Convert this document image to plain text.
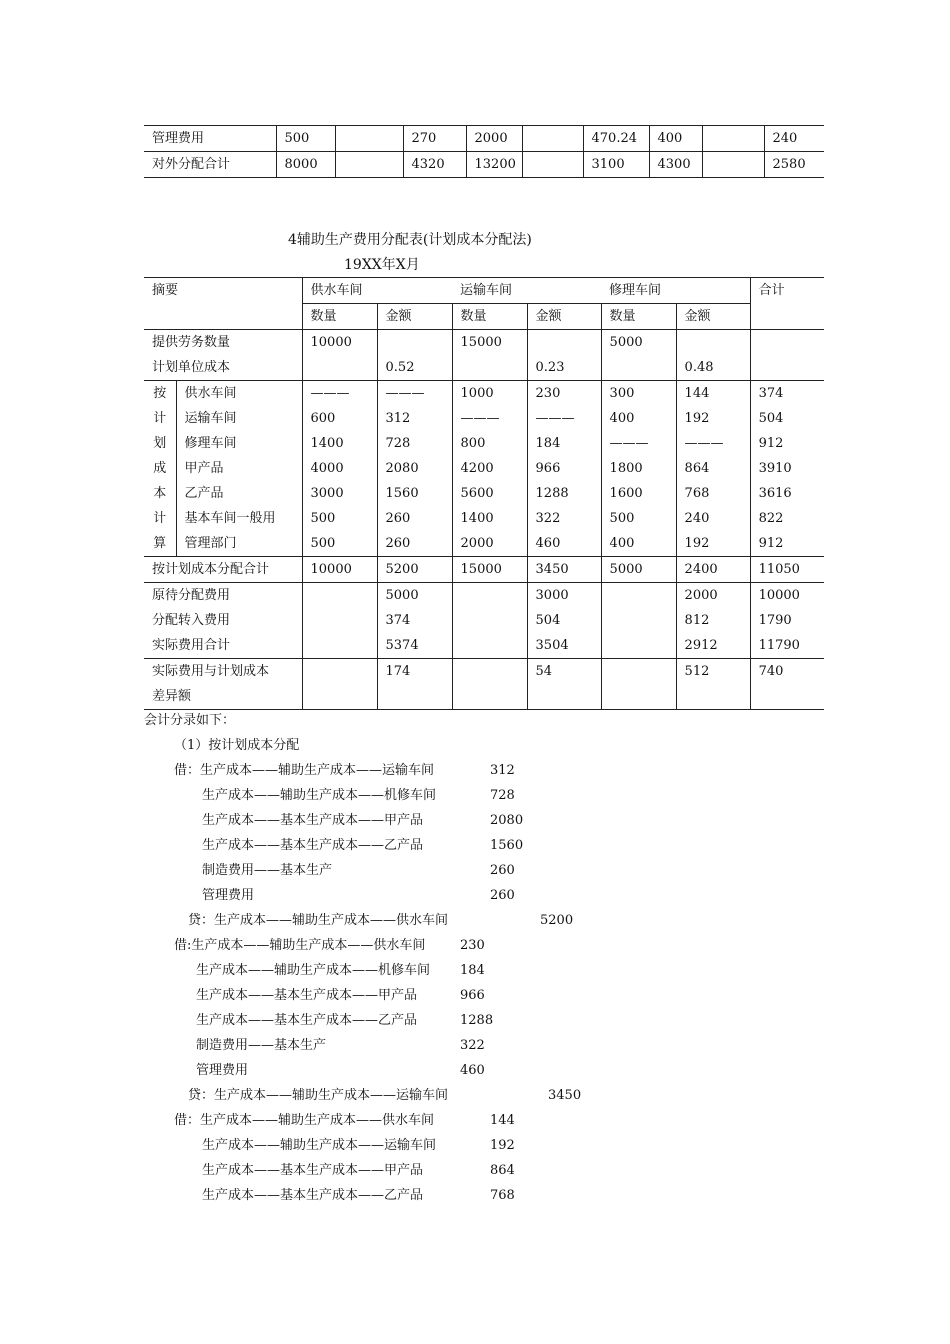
管理费用	500		270	2000		470.24	400		240
对外分配合计	8000		4320	13200		3100	4300		2580
4辅助生产费用分配表(计划成本分配法)
19XX年X月
摘要		供水车间		运输车间		修理车间		合计
		数量	金额	数量	金额	数量	金额	
提供劳务数量		10000		15000		5000		
计划单位成本			0.52		0.23		0.48	
按	供水车间	———	———	1000	230	300	144	374
计	运输车间	600	312	———	———	400	192	504
划	修理车间	1400	728	800	184	———	———	912
成	甲产品	4000	2080	4200	966	1800	864	3910
本	乙产品	3000	1560	5600	1288	1600	768	3616
计	基本车间一般用	500	260	1400	322	500	240	822
算	管理部门	500	260	2000	460	400	192	912
按计划成本分配合计		10000	5200	15000	3450	5000	2400	11050
原待分配费用			5000		3000		2000	10000
分配转入费用			374		504		812	1790
实际费用合计			5374		3504		2912	11790

实际费用与计划成本
差异额			174		54		512	740
会计分录如下：
（1）按计划成本分配
借：生产成本——辅助生产成本——运输车间	312
生产成本——辅助生产成本——机修车间	728
生产成本——基本生产成本——甲产品	2080
生产成本——基本生产成本——乙产品	1560
制造费用——基本生产	260
管理费用	260
贷：生产成本——辅助生产成本——供水车间	5200
借:生产成本——辅助生产成本——供水车间	230
生产成本——辅助生产成本——机修车间 184
生产成本——基本生产成本——甲产品	966
生产成本——基本生产成本——乙产品	1288
制造费用——基本生产	322
管理费用	460
贷：生产成本——辅助生产成本——运输车间	3450
借：生产成本——辅助生产成本——供水车间	144
生产成本——辅助生产成本——运输车间	192
生产成本——基本生产成本——甲产品	864
生产成本——基本生产成本——乙产品	768
